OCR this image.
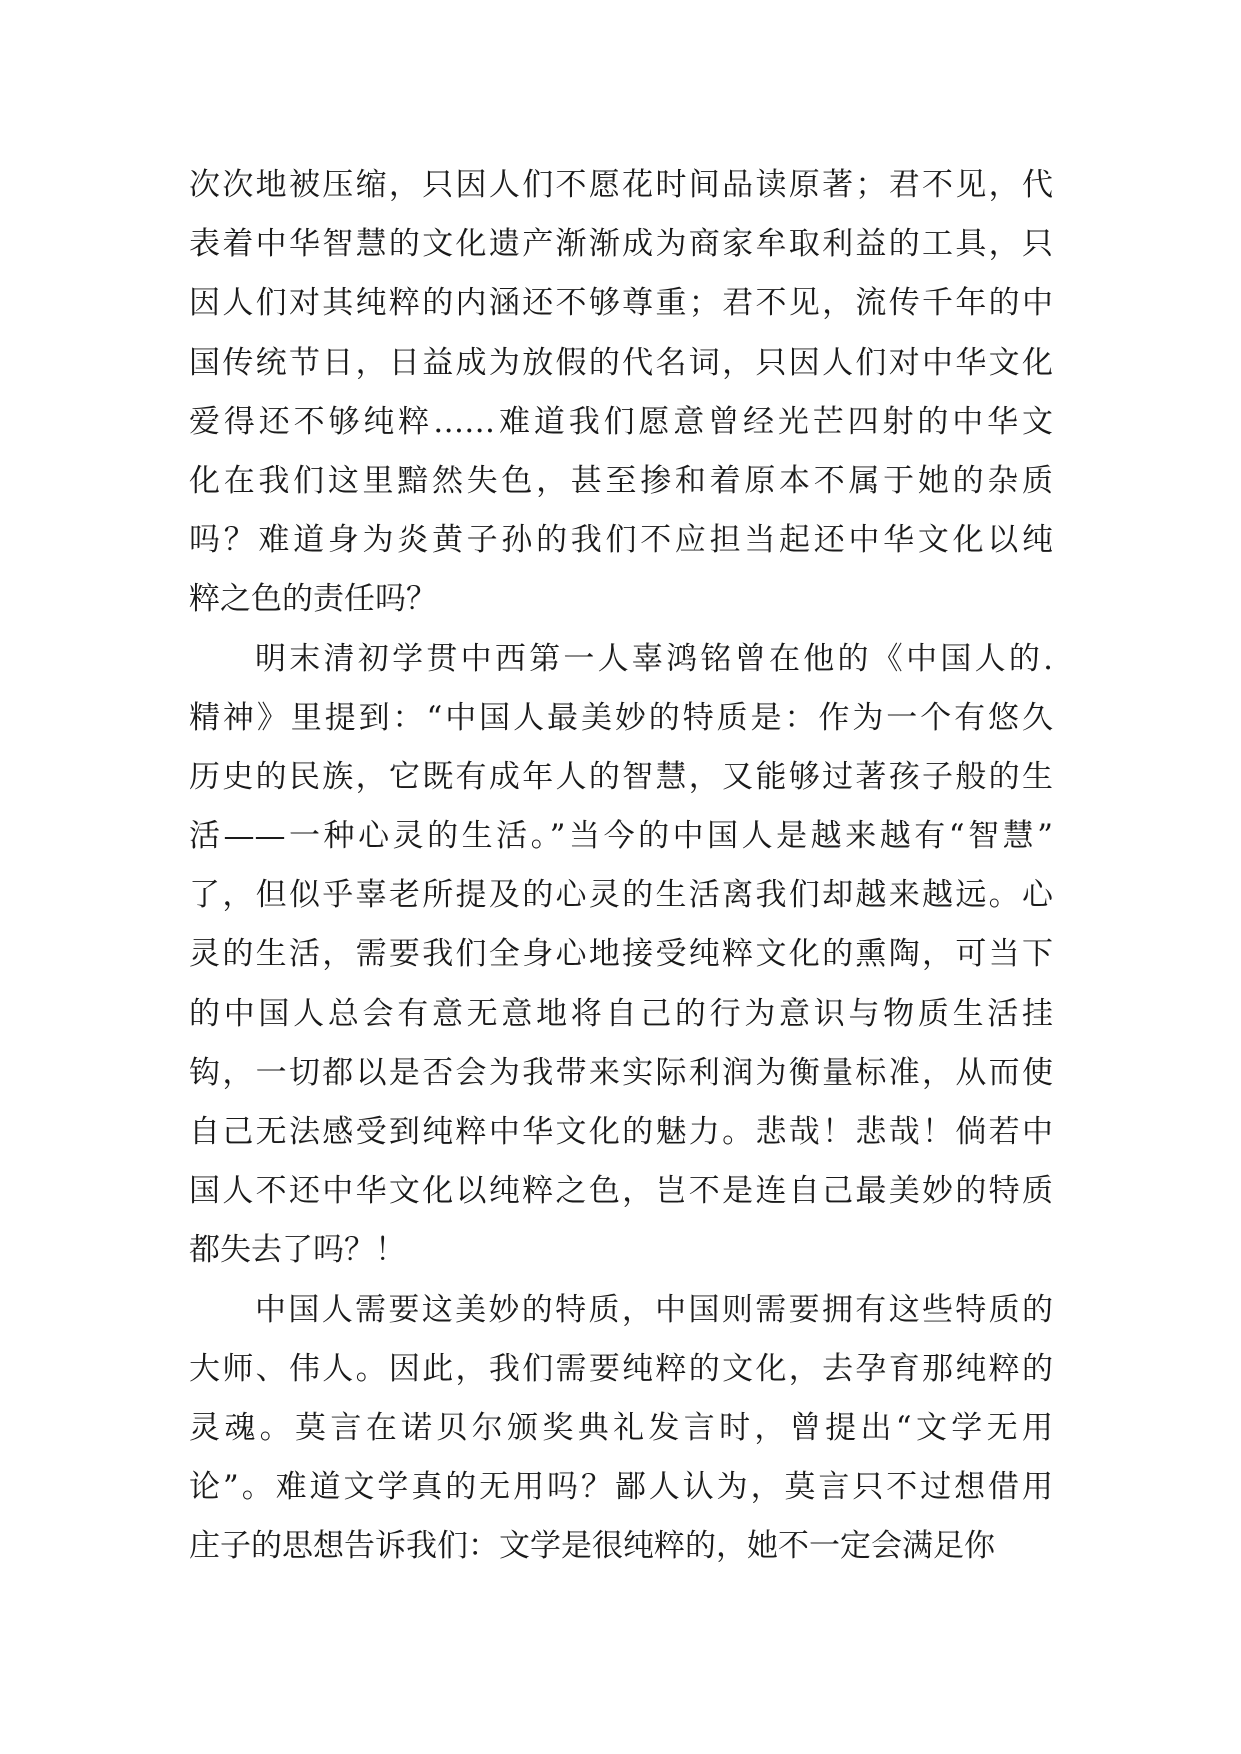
次次地被压缩，只因人们不愿花时间品读原著；君不见，代
表着中华智慧的文化遗产渐渐成为商家牟取利益的工具，只
因人们对其纯粹的内涵还不够尊重；君不见，流传千年的中
国传统节日，日益成为放假的代名词，只因人们对中华文化
爱得还不够纯粹……难道我们愿意曾经光芒四射的中华文
化在我们这里黯然失色，甚至掺和着原本不属于她的杂质
吗？难道身为炎黄子孙的我们不应担当起还中华文化以纯
粹之色的责任吗？
明末清初学贯中西第一人辜鸿铭曾在他的《中国人的.
精神》里提到：“中国人最美妙的特质是：作为一个有悠久
历史的民族，它既有成年人的智慧，又能够过著孩子般的生
活——一种心灵的生活。”当今的中国人是越来越有“智慧”
了，但似乎辜老所提及的心灵的生活离我们却越来越远。心
灵的生活，需要我们全身心地接受纯粹文化的熏陶，可当下
的中国人总会有意无意地将自己的行为意识与物质生活挂
钩，一切都以是否会为我带来实际利润为衡量标准，从而使
自己无法感受到纯粹中华文化的魅力。悲哉！悲哉！倘若中
国人不还中华文化以纯粹之色，岂不是连自己最美妙的特质
都失去了吗？！
中国人需要这美妙的特质，中国则需要拥有这些特质的
大师、伟人。因此，我们需要纯粹的文化，去孕育那纯粹的
灵魂。莫言在诺贝尔颁奖典礼发言时，曾提出“文学无用
论”。难道文学真的无用吗？鄙人认为，莫言只不过想借用
庄子的思想告诉我们：文学是很纯粹的，她不一定会满足你
